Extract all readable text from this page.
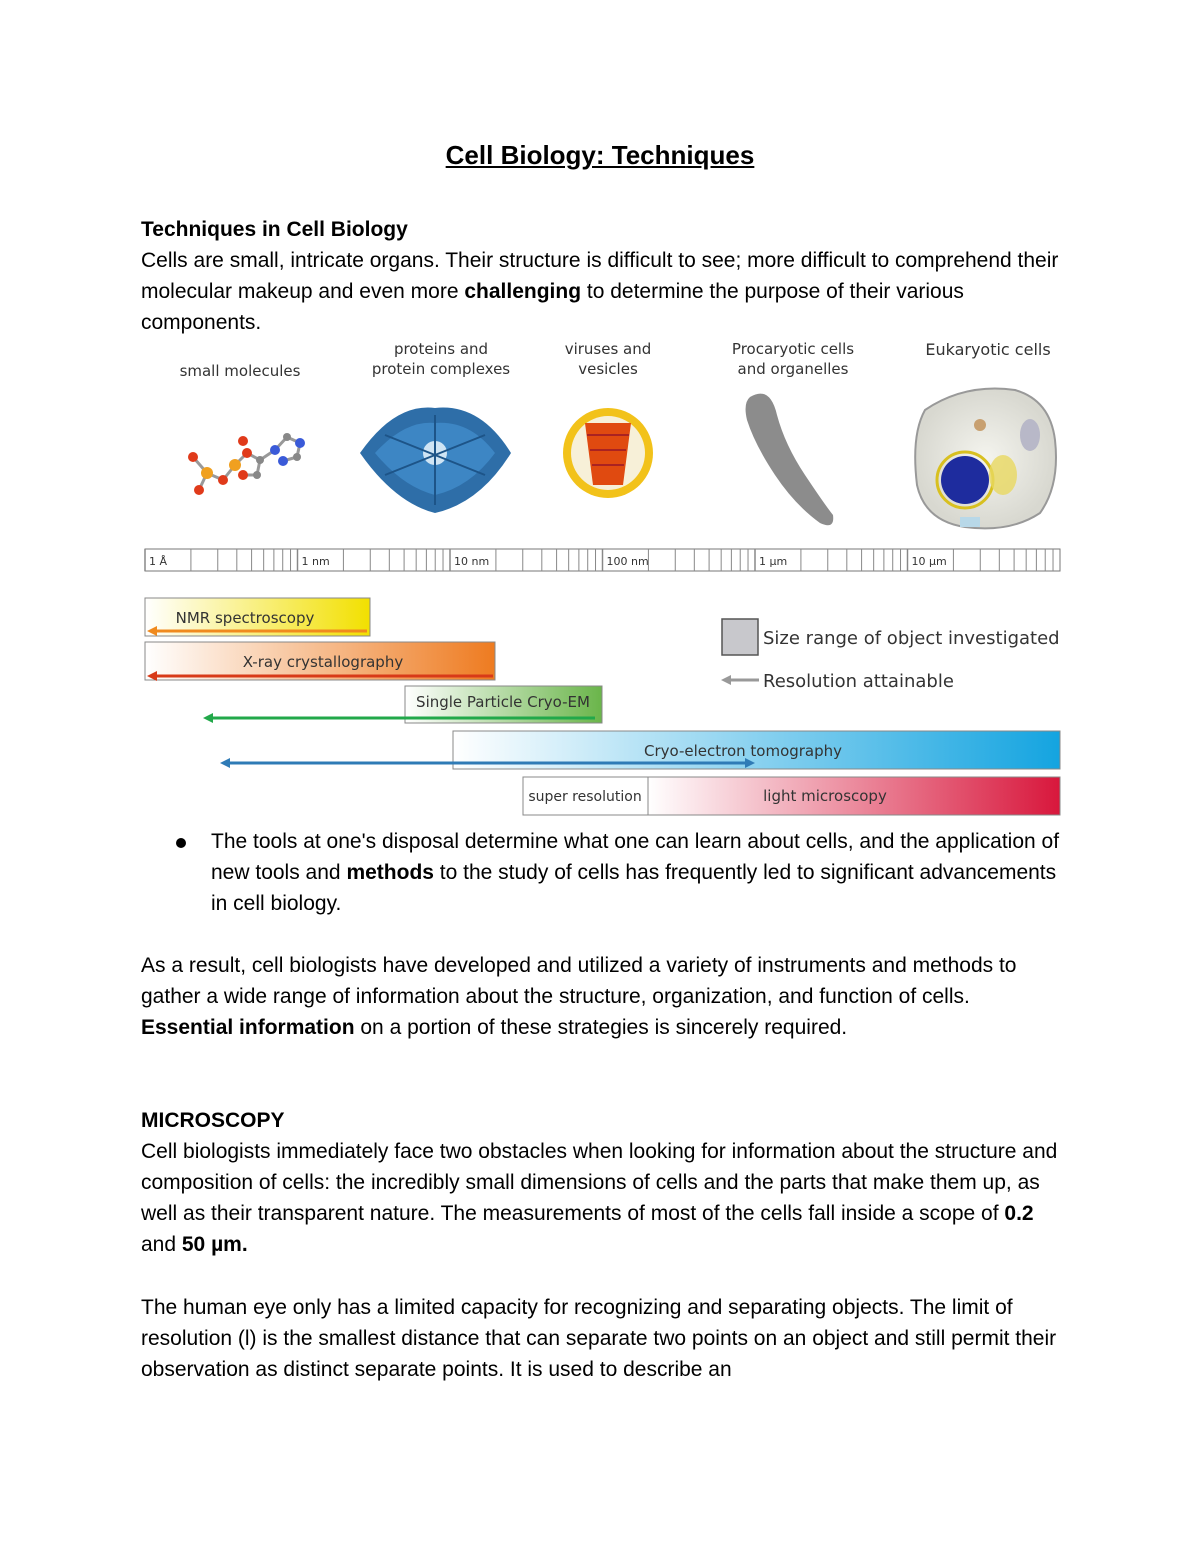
Cell Biology: Techniques
Techniques in Cell Biology
Cells are small, intricate organs. Their structure is difficult to see; more difficult to comprehend their molecular makeup and even more challenging to determine the purpose of their various components.
small molecules
proteins and
protein complexes
viruses and
vesicles
Procaryotic cells
and organelles
Eukaryotic cells
1 Å	1 nm	10 nm	100 nm	1 µm	10 µm
NMR spectroscopy
X-ray crystallography
Single Particle Cryo-EM
Cryo-electron tomography
super resolution	light microscopy
Size range of object investigated
Resolution attainable
The tools at one's disposal determine what one can learn about cells, and the application of new tools and methods to the study of cells has frequently led to significant advancements in cell biology.
As a result, cell biologists have developed and utilized a variety of instruments and methods to gather a wide range of information about the structure, organization, and function of cells. Essential information on a portion of these strategies is sincerely required.
MICROSCOPY
Cell biologists immediately face two obstacles when looking for information about the structure and composition of cells: the incredibly small dimensions of cells and the parts that make them up, as well as their transparent nature. The measurements of most of the cells fall inside a scope of 0.2 and 50 µm.
The human eye only has a limited capacity for recognizing and separating objects. The limit of resolution (l) is the smallest distance that can separate two points on an object and still permit their observation as distinct separate points. It is used to describe an
